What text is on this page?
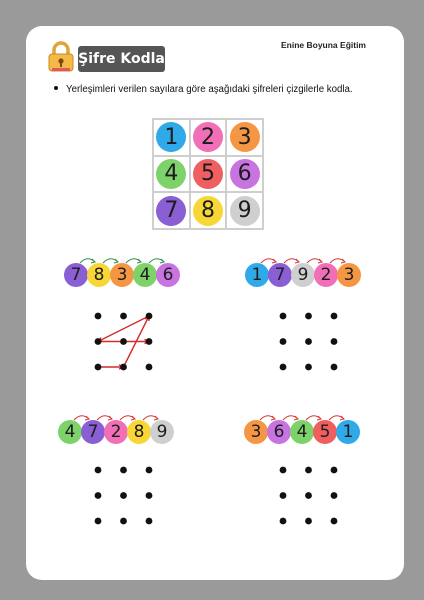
Şifre Kodla
Enine Boyuna Eğitim
Yerleşimleri verilen sayılara göre aşağıdaki şifreleri çizgilerle kodla.
1	2	3
4	5	6
7	8	9
7 8 3 4 6	1 7 9 2 3
4 7 2 8 9	3 6 4 5 1
